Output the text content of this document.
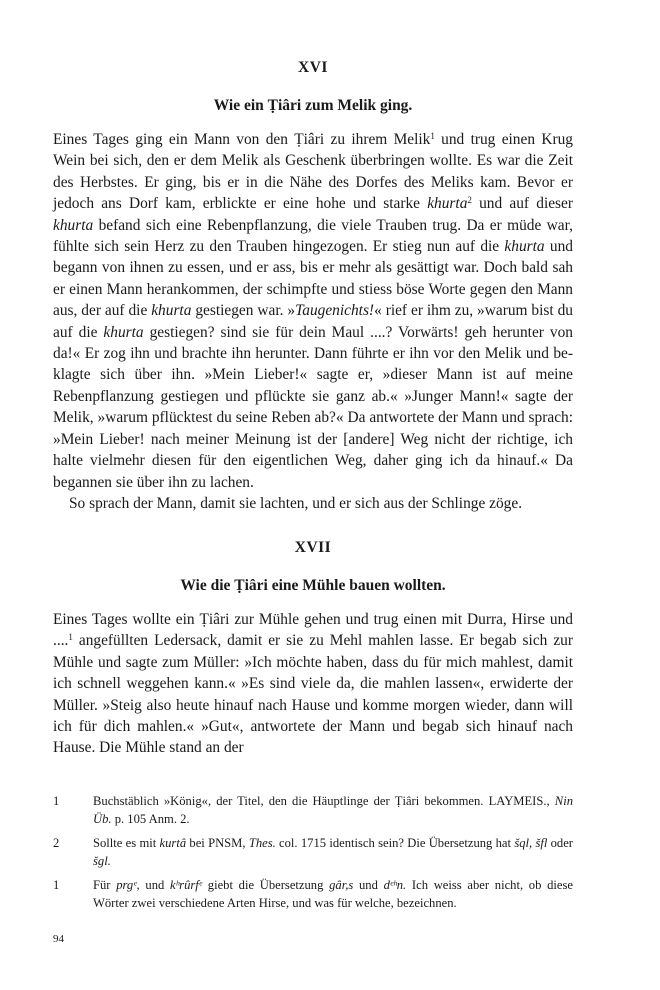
XVI
Wie ein Ṭiâri zum Melik ging.

Eines Tages ging ein Mann von den Ṭiâri zu ihrem Melik$^1$ und trug einen Krug Wein bei sich, den er dem Melik als Geschenk überbringen wollte. Es war die Zeit des Herbstes. Er ging, bis er in die Nähe des Dorfes des Meliks kam. Bevor er jedoch ans Dorf kam, erblickte er eine hohe und starke khurta$^2$ und auf dieser khurta befand sich eine Rebenpflanzung, die viele Trauben trug. Da er müde war, fühlte sich sein Herz zu den Trauben hingezogen. Er stieg nun auf die khurta und begann von ihnen zu essen, und er ass, bis er mehr als gesättigt war. Doch bald sah er einen Mann herankommen, der schimpfte und stiess böse Worte gegen den Mann aus, der auf die khurta gestiegen war. »Taugenichts!« rief er ihm zu, »warum bist du auf die khurta gestiegen? sind sie für dein Maul ....? Vorwärts! geh herunter von da!« Er zog ihn und brachte ihn herunter. Dann führte er ihn vor den Melik und beklagte sich über ihn. »Mein Lieber!« sagte er, »dieser Mann ist auf meine Rebenpflanzung gestiegen und pflückte sie ganz ab.« »Junger Mann!« sagte der Melik, »warum pflücktest du seine Reben ab?« Da antwortete der Mann und sprach: »Mein Lieber! nach meiner Meinung ist der [andere] Weg nicht der richtige, ich halte vielmehr diesen für den eigentlichen Weg, daher ging ich da hinauf.« Da begannen sie über ihn zu lachen.

So sprach der Mann, damit sie lachten, und er sich aus der Schlinge zöge.

XVII
Wie die Ṭiâri eine Mühle bauen wollten.

Eines Tages wollte ein Ṭiâri zur Mühle gehen und trug einen mit Durra, Hirse und ....$^1$ angefüllten Ledersack, damit er sie zu Mehl mahlen lasse. Er begab sich zur Mühle und sagte zum Müller: »Ich möchte haben, dass du für mich mahlest, damit ich schnell weggehen kann.« »Es sind viele da, die mahlen lassen«, erwiderte der Müller. »Steig also heute hinauf nach Hause und komme morgen wieder, dann will ich für dich mahlen.« »Gut«, antwortete der Mann und begab sich hinauf nach Hause. Die Mühle stand an der

1	Buchstäblich »König«, der Titel, den die Häuptlinge der Ṭiâri bekommen. LAYMEIS., Nin Üb. p. 105 Anm. 2.
2	Sollte es mit kurtâ bei PNSM, Thes. col. 1715 identisch sein? Die Übersetzung hat šql, šfl oder šgl.
1	Für prgᵉ, und kʰrûrfᵉ giebt die Übersetzung gâr,s und dᵉʰn. Ich weiss aber nicht, ob diese Wörter zwei verschiedene Arten Hirse, und was für welche, bezeichnen.
94
